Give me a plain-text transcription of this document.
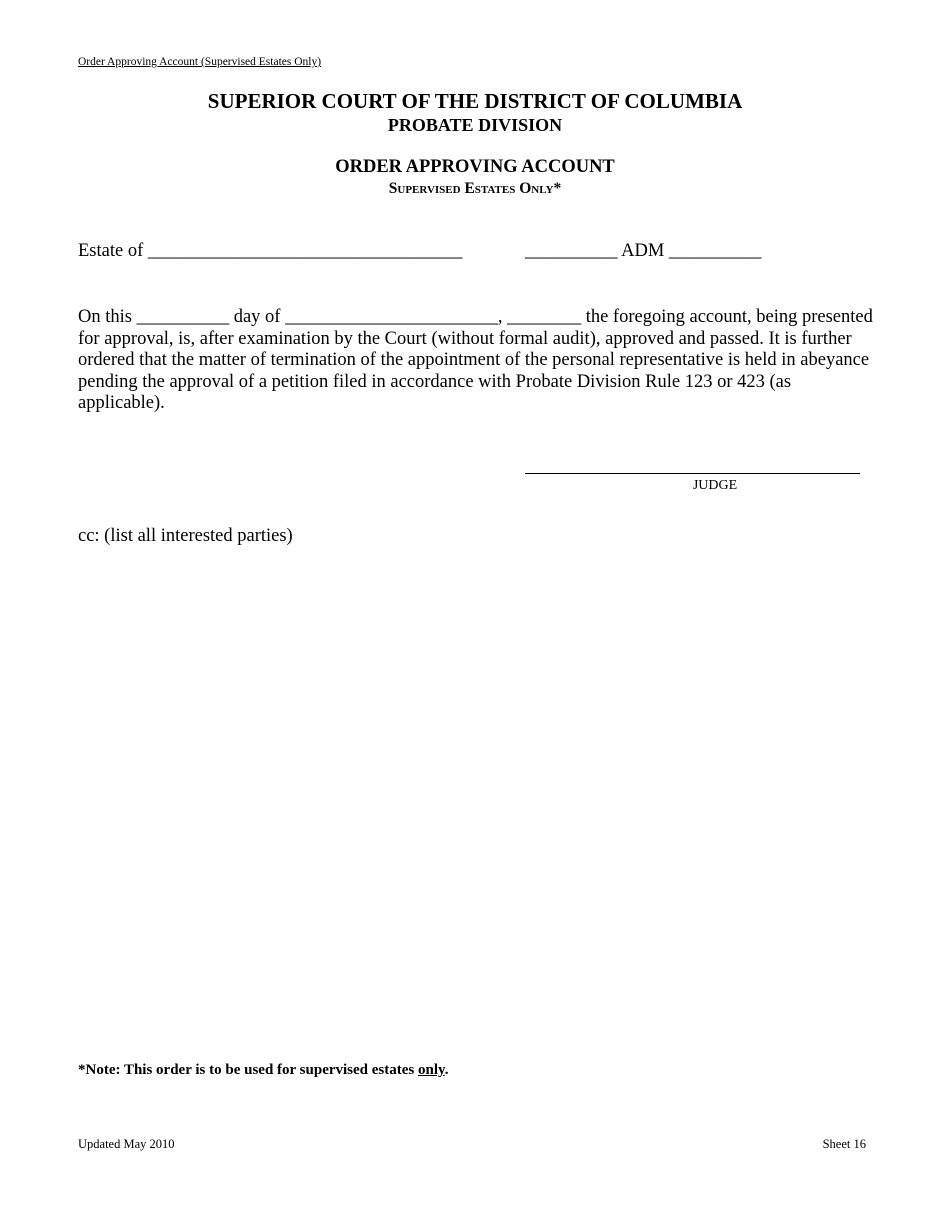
Order Approving Account (Supervised Estates Only)
SUPERIOR COURT OF THE DISTRICT OF COLUMBIA
PROBATE DIVISION
ORDER APPROVING ACCOUNT
Supervised Estates Only*
Estate of __________________________________	__________ ADM __________
On this __________ day of _______________________, ________ the foregoing account, being presented for approval, is, after examination by the Court (without formal audit), approved and passed. It is further ordered that the matter of termination of the appointment of the personal representative is held in abeyance pending the approval of a petition filed in accordance with Probate Division Rule 123 or 423 (as applicable).
JUDGE
cc: (list all interested parties)
*Note: This order is to be used for supervised estates only.
Updated May 2010	Sheet 16
